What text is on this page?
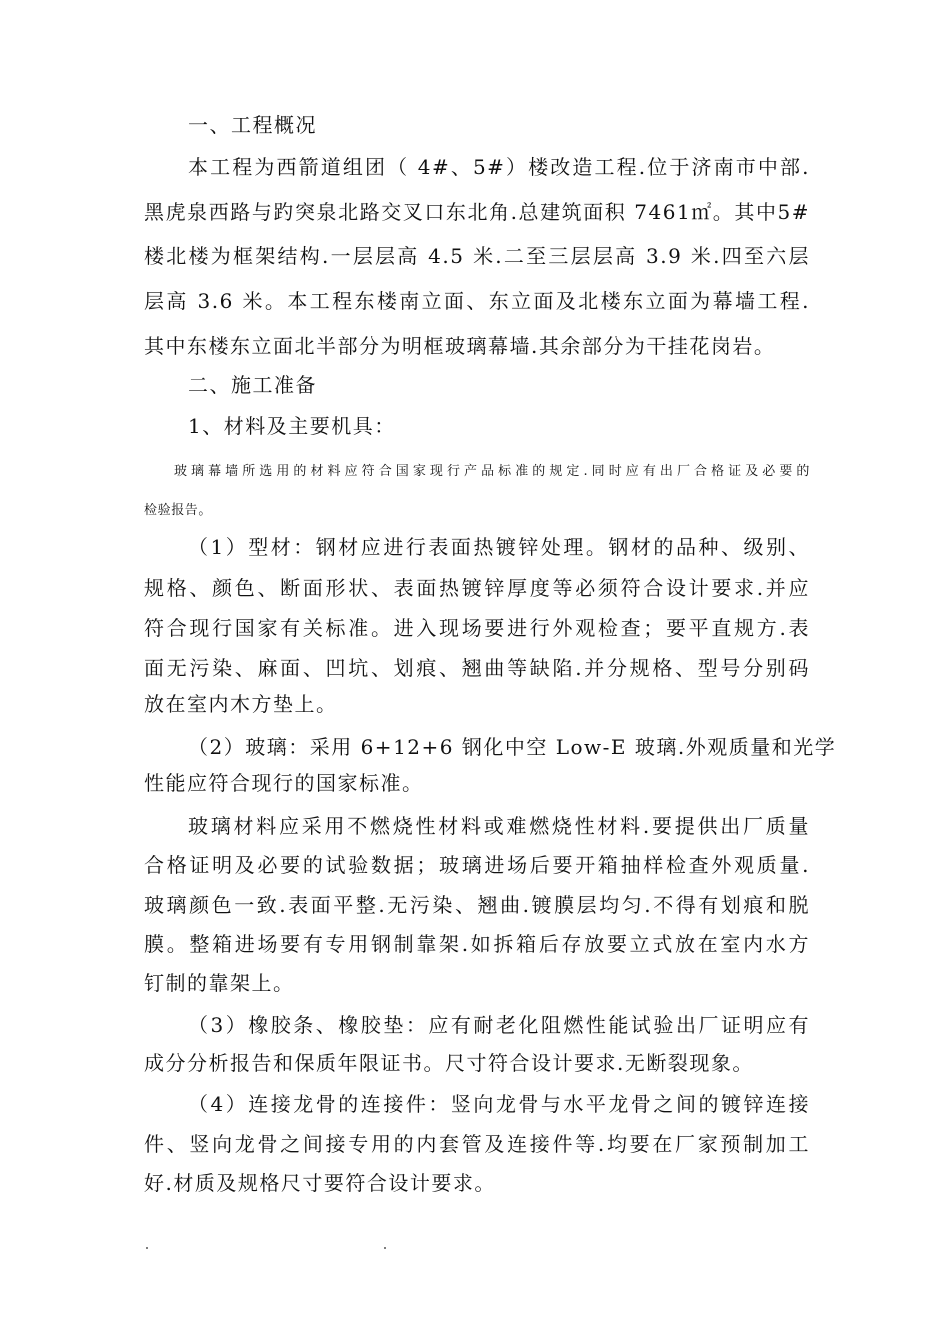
一、工程概况
本工程为西箭道组团（ 4#、5#）楼改造工程.位于济南市中部.
黑虎泉西路与趵突泉北路交叉口东北角.总建筑面积 7461㎡。其中5#
楼北楼为框架结构.一层层高 4.5 米.二至三层层高 3.9 米.四至六层
层高 3.6 米。本工程东楼南立面、东立面及北楼东立面为幕墙工程.
其中东楼东立面北半部分为明框玻璃幕墙.其余部分为干挂花岗岩。
二、施工准备
1、材料及主要机具：
玻璃幕墙所选用的材料应符合国家现行产品标准的规定.同时应有出厂合格证及必要的
检验报告。
（1）型材：钢材应进行表面热镀锌处理。钢材的品种、级别、
规格、颜色、断面形状、表面热镀锌厚度等必须符合设计要求.并应
符合现行国家有关标准。进入现场要进行外观检查；要平直规方.表
面无污染、麻面、凹坑、划痕、翘曲等缺陷.并分规格、型号分别码
放在室内木方垫上。
（2）玻璃：采用 6+12+6 钢化中空 Low-E 玻璃.外观质量和光学
性能应符合现行的国家标准。
玻璃材料应采用不燃烧性材料或难燃烧性材料.要提供出厂质量
合格证明及必要的试验数据；玻璃进场后要开箱抽样检查外观质量.
玻璃颜色一致.表面平整.无污染、翘曲.镀膜层均匀.不得有划痕和脱
膜。整箱进场要有专用钢制靠架.如拆箱后存放要立式放在室内水方
钉制的靠架上。
（3）橡胶条、橡胶垫：应有耐老化阻燃性能试验出厂证明应有
成分分析报告和保质年限证书。尺寸符合设计要求.无断裂现象。
（4）连接龙骨的连接件：竖向龙骨与水平龙骨之间的镀锌连接
件、竖向龙骨之间接专用的内套管及连接件等.均要在厂家预制加工
好.材质及规格尺寸要符合设计要求。
